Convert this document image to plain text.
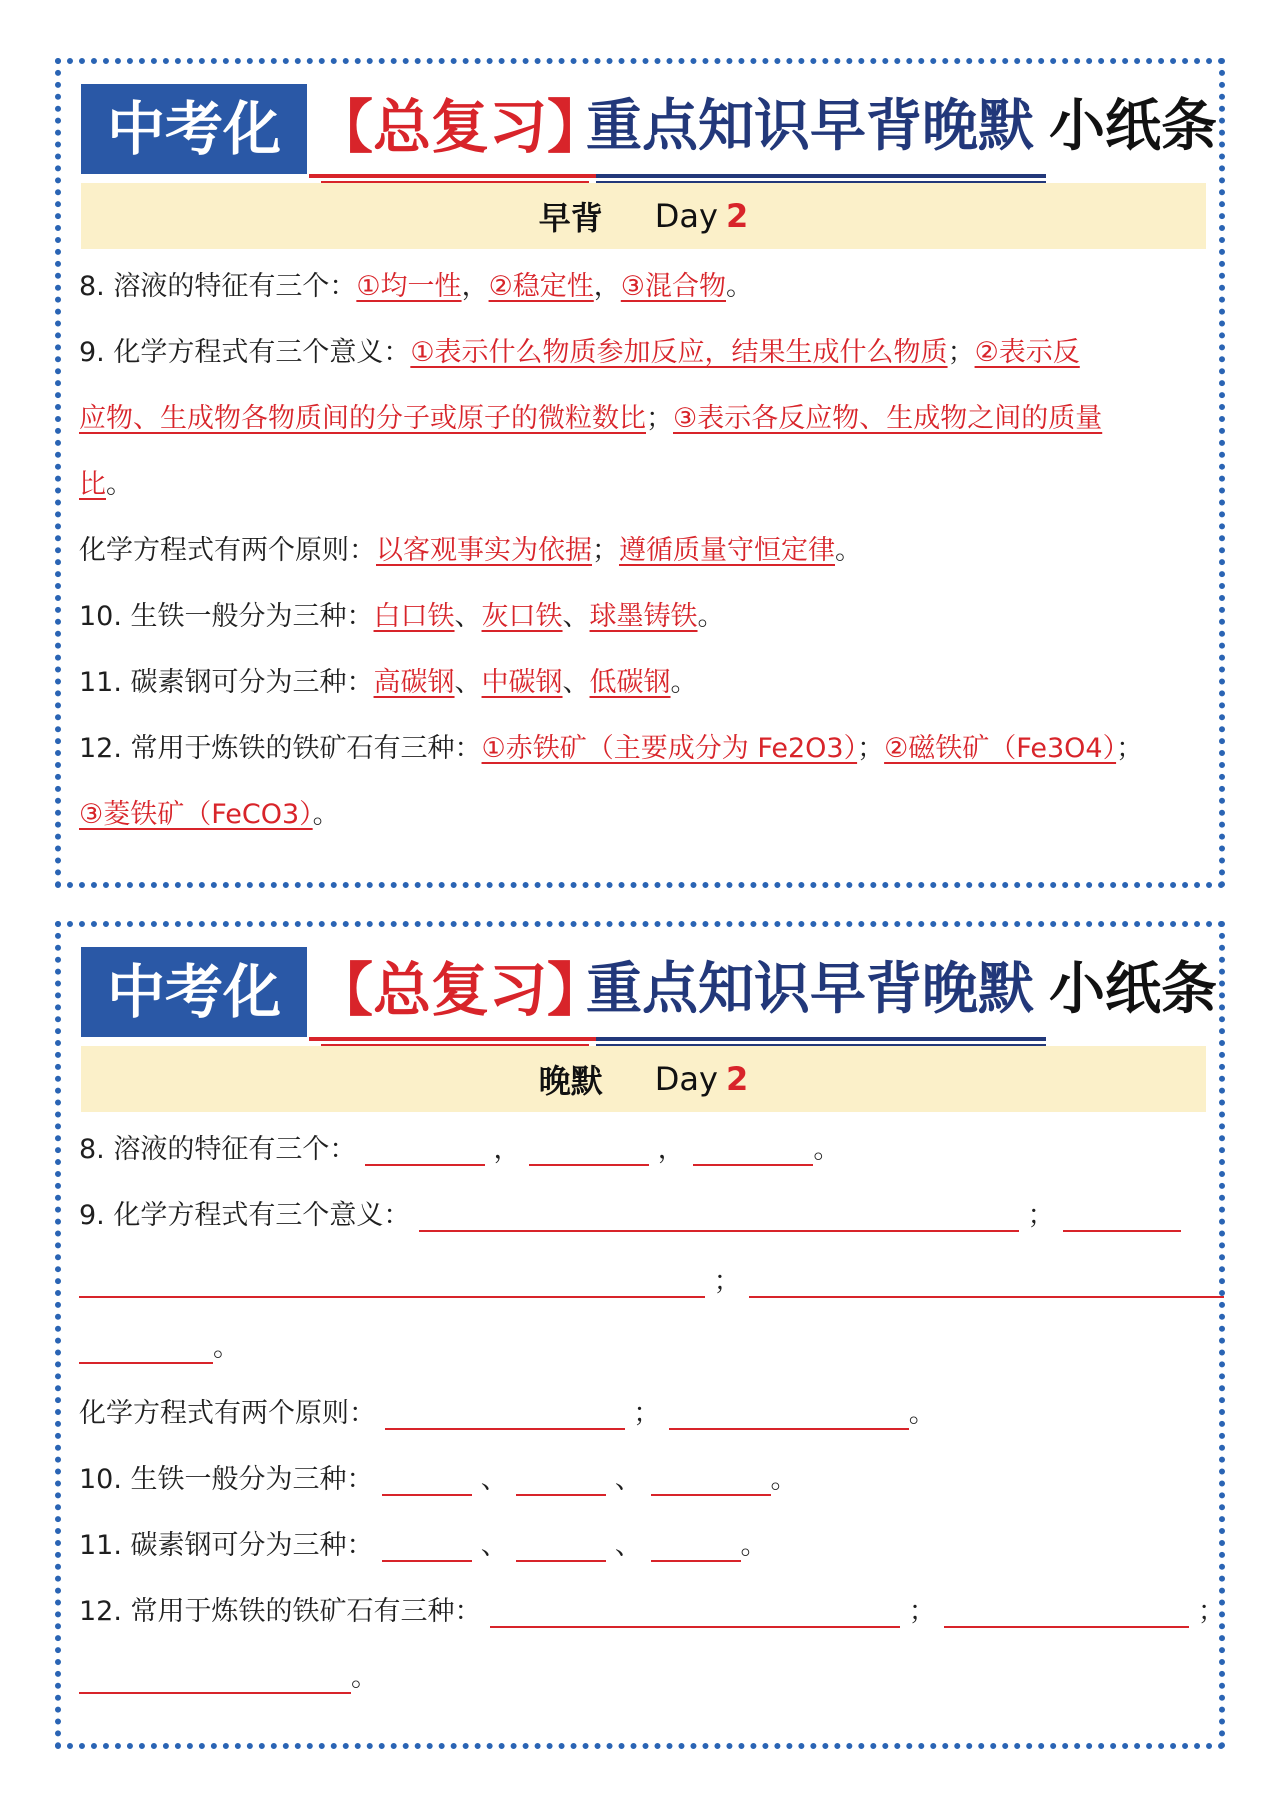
中考化 【总复习】
重点知识早背晚默 小纸条
早背 Day 2
8. 溶液的特征有三个：①均一性，②稳定性，③混合物。
9. 化学方程式有三个意义：①表示什么物质参加反应，结果生成什么物质；②表示反
应物、生成物各物质间的分子或原子的微粒数比；③表示各反应物、生成物之间的质量
比。
化学方程式有两个原则：以客观事实为依据；遵循质量守恒定律。
10. 生铁一般分为三种：白口铁、灰口铁、球墨铸铁。
11. 碳素钢可分为三种：高碳钢、中碳钢、低碳钢。
12. 常用于炼铁的铁矿石有三种：①赤铁矿（主要成分为 Fe2O3）；②磁铁矿（Fe3O4）；
③菱铁矿（FeCO3）。
中考化 【总复习】
重点知识早背晚默 小纸条
晚默 Day 2
8. 溶液的特征有三个：	，	，	。
9. 化学方程式有三个意义：	；
；
。
化学方程式有两个原则：	；	。
10. 生铁一般分为三种：	、	、	。
11. 碳素钢可分为三种：	、	、	。
12. 常用于炼铁的铁矿石有三种：	；	；
。
